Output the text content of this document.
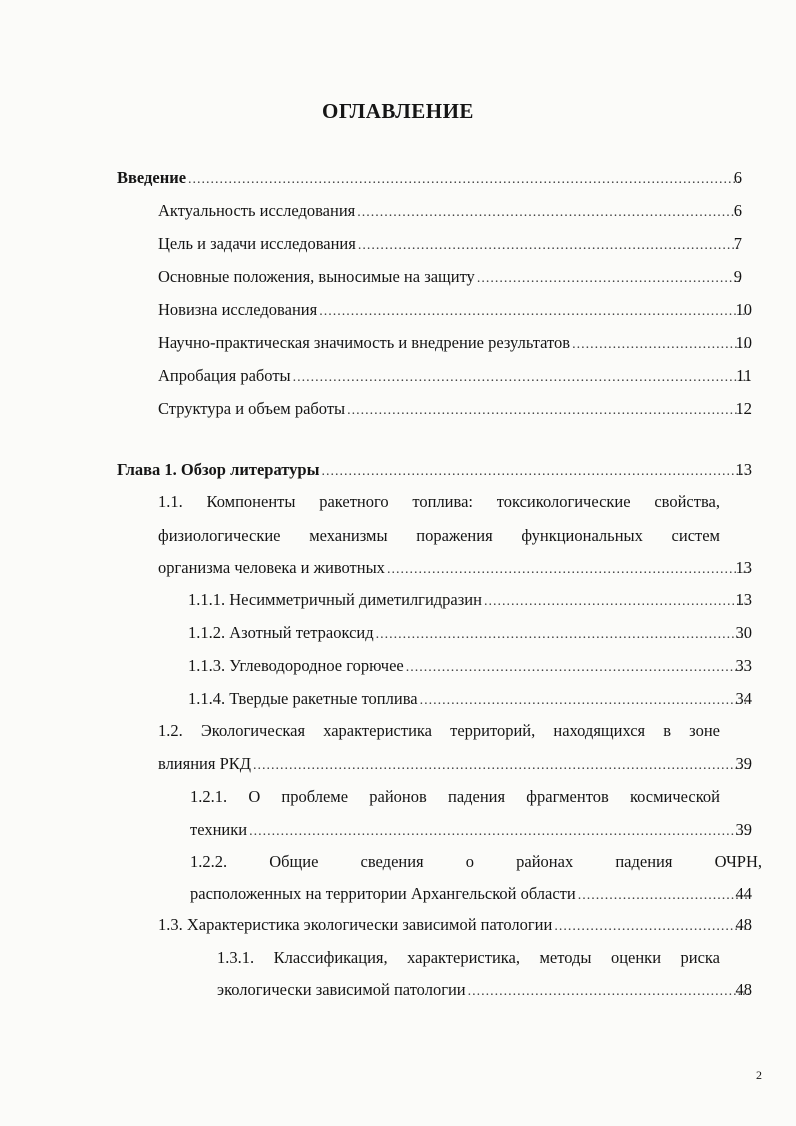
ОГЛАВЛЕНИЕ
Введение .....	6
Актуальность исследования .....	6
Цель и задачи исследования .....	7
Основные положения, выносимые на защиту .....	9
Новизна исследования .....	10
Научно-практическая значимость и внедрение результатов .....	10
Апробация работы .....	11
Структура и объем работы .....	12
Глава 1. Обзор литературы .....	13
1.1. Компоненты ракетного топлива: токсикологические свойства,
физиологические механизмы поражения функциональных систем
организма человека и животных .....	13
1.1.1. Несимметричный диметилгидразин .....	13
1.1.2. Азотный тетраоксид .....	30
1.1.3. Углеводородное горючее .....	33
1.1.4. Твердые ракетные топлива .....	34
1.2. Экологическая характеристика территорий, находящихся в зоне
влияния РКД .....	39
1.2.1. О проблеме районов падения фрагментов космической
техники .....	39
1.2.2. Общие сведения о районах падения ОЧРН,
расположенных на территории Архангельской области .....	44
1.3. Характеристика экологически зависимой патологии .....	48
1.3.1. Классификация, характеристика, методы оценки риска
экологически зависимой патологии .....	48
2
